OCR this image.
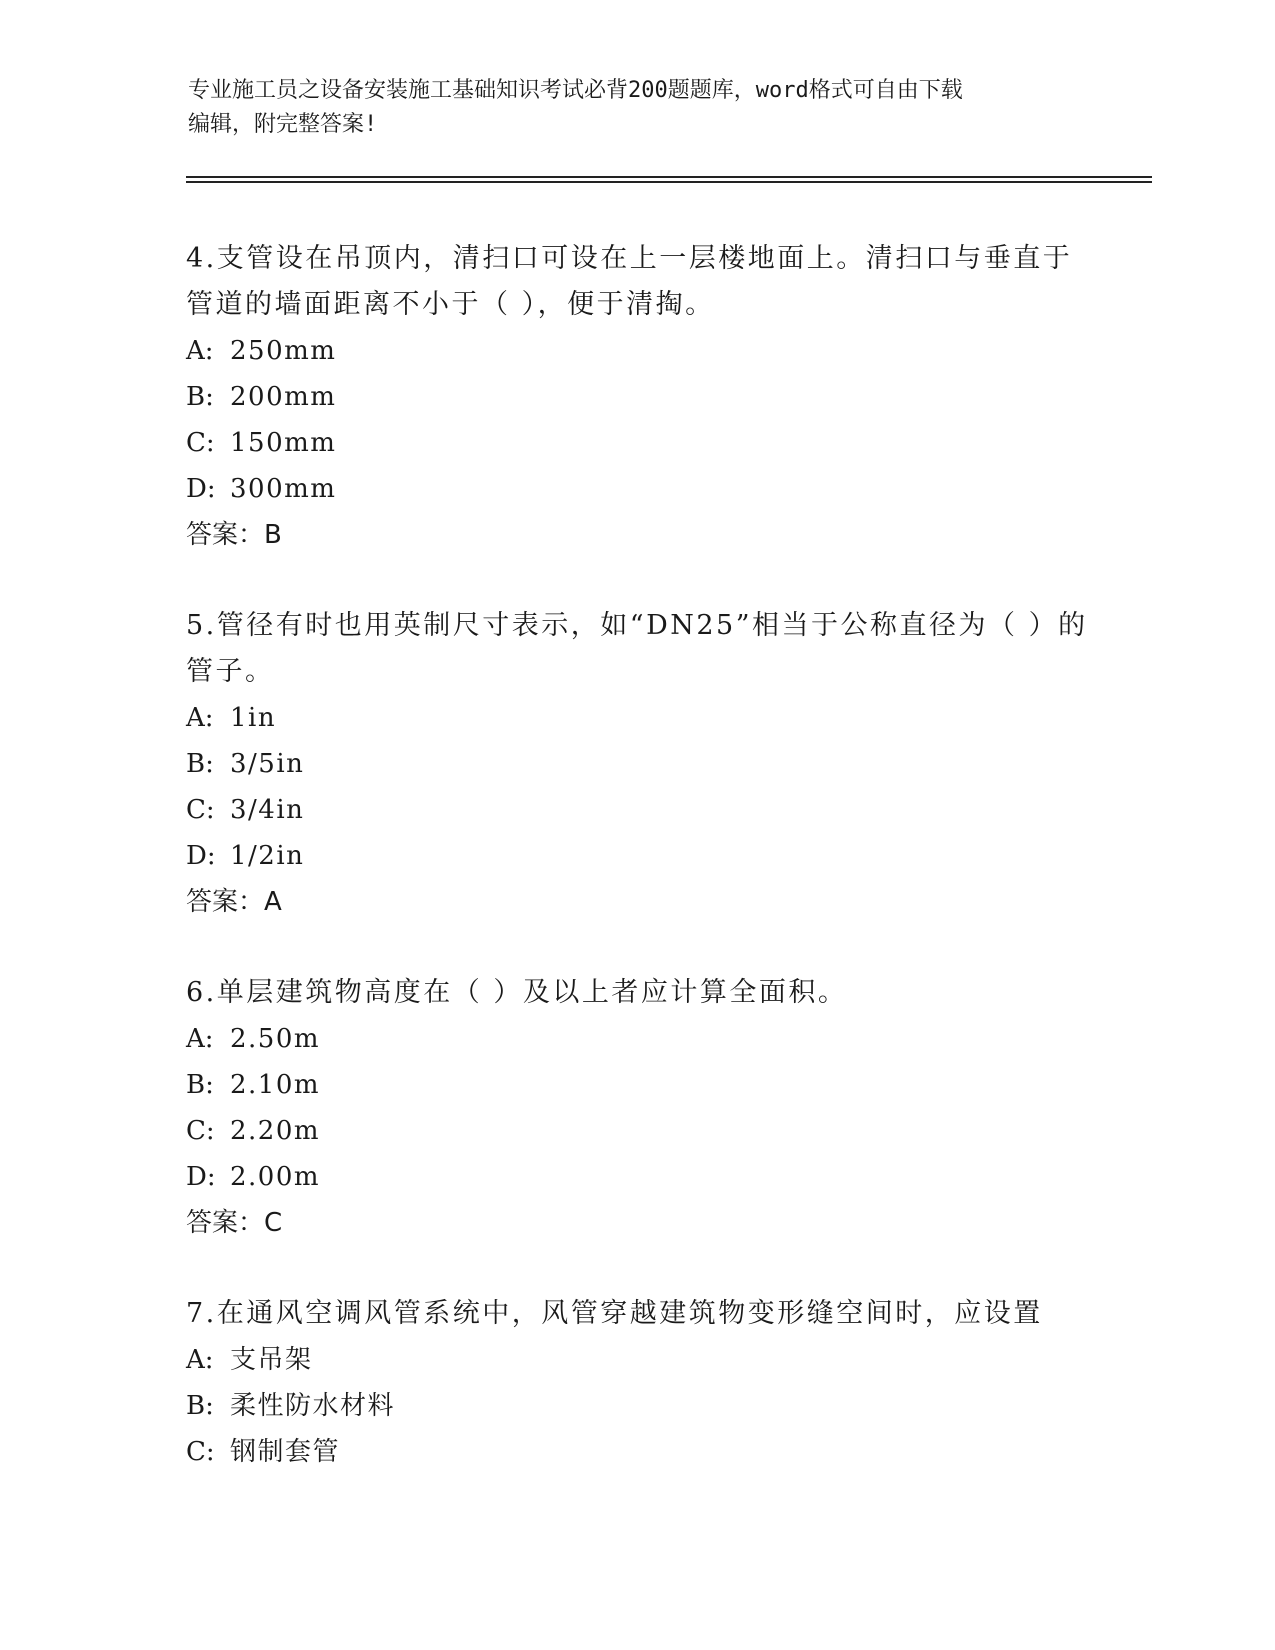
专业施工员之设备安装施工基础知识考试必背200题题库，word格式可自由下载
编辑，附完整答案!
4.支管设在吊顶内，清扫口可设在上一层楼地面上。清扫口与垂直于
管道的墙面距离不小于（ ），便于清掏。
A: 250mm
B: 200mm
C: 150mm
D: 300mm
答案：B
5.管径有时也用英制尺寸表示，如“DN25”相当于公称直径为（ ）的
管子。
A: 1in
B: 3/5in
C: 3/4in
D: 1/2in
答案：A
6.单层建筑物高度在（ ）及以上者应计算全面积。
A: 2.50m
B: 2.10m
C: 2.20m
D: 2.00m
答案：C
7.在通风空调风管系统中，风管穿越建筑物变形缝空间时，应设置
A: 支吊架
B: 柔性防水材料
C: 钢制套管
